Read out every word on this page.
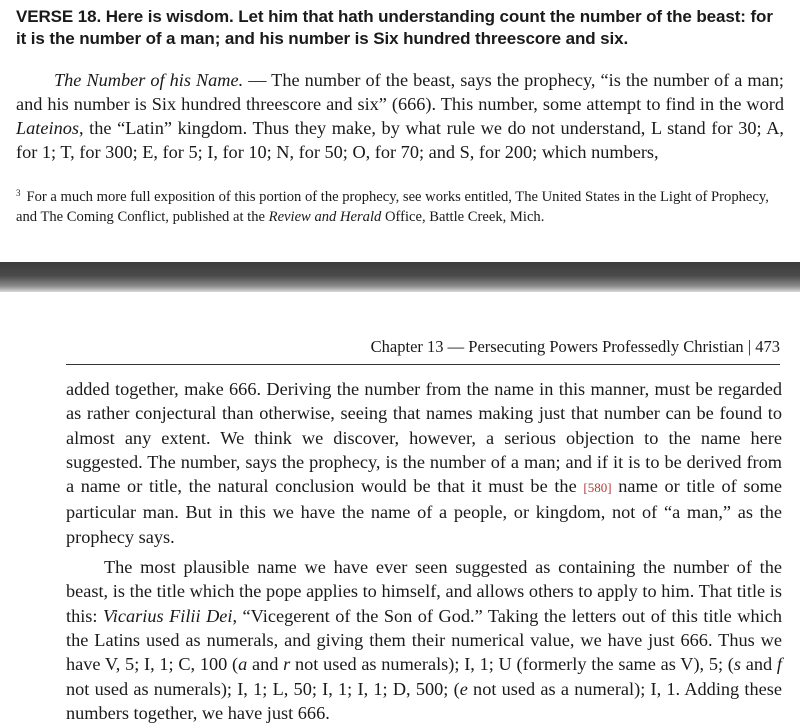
VERSE 18. Here is wisdom. Let him that hath understanding count the number of the beast: for it is the number of a man; and his number is Six hundred threescore and six.

The Number of his Name. — The number of the beast, says the prophecy, “is the number of a man; and his number is Six hundred threescore and six” (666). This number, some attempt to find in the word Lateinos, the “Latin” kingdom. Thus they make, by what rule we do not understand, L stand for 30; A, for 1; T, for 300; E, for 5; I, for 10; N, for 50; O, for 70; and S, for 200; which numbers,

$^3$ For a much more full exposition of this portion of the prophecy, see works entitled, The United States in the Light of Prophecy, and The Coming Conflict, published at the Review and Herald Office, Battle Creek, Mich.

Chapter 13 — Persecuting Powers Professedly Christian | 473

added together, make 666. Deriving the number from the name in this manner, must be regarded as rather conjectural than otherwise, seeing that names making just that number can be found to almost any extent. We think we discover, however, a serious objection to the name here suggested. The number, says the prophecy, is the number of a man; and if it is to be derived from a name or title, the natural conclusion would be that it must be the [580] name or title of some particular man. But in this we have the name of a people, or kingdom, not of “a man,” as the prophecy says.

The most plausible name we have ever seen suggested as containing the number of the beast, is the title which the pope applies to himself, and allows others to apply to him. That title is this: Vicarius Filii Dei, “Vicegerent of the Son of God.” Taking the letters out of this title which the Latins used as numerals, and giving them their numerical value, we have just 666. Thus we have V, 5; I, 1; C, 100 (a and r not used as numerals); I, 1; U (formerly the same as V), 5; (s and f not used as numerals); I, 1; L, 50; I, 1; I, 1; D, 500; (e not used as a numeral); I, 1. Adding these numbers together, we have just 666.
